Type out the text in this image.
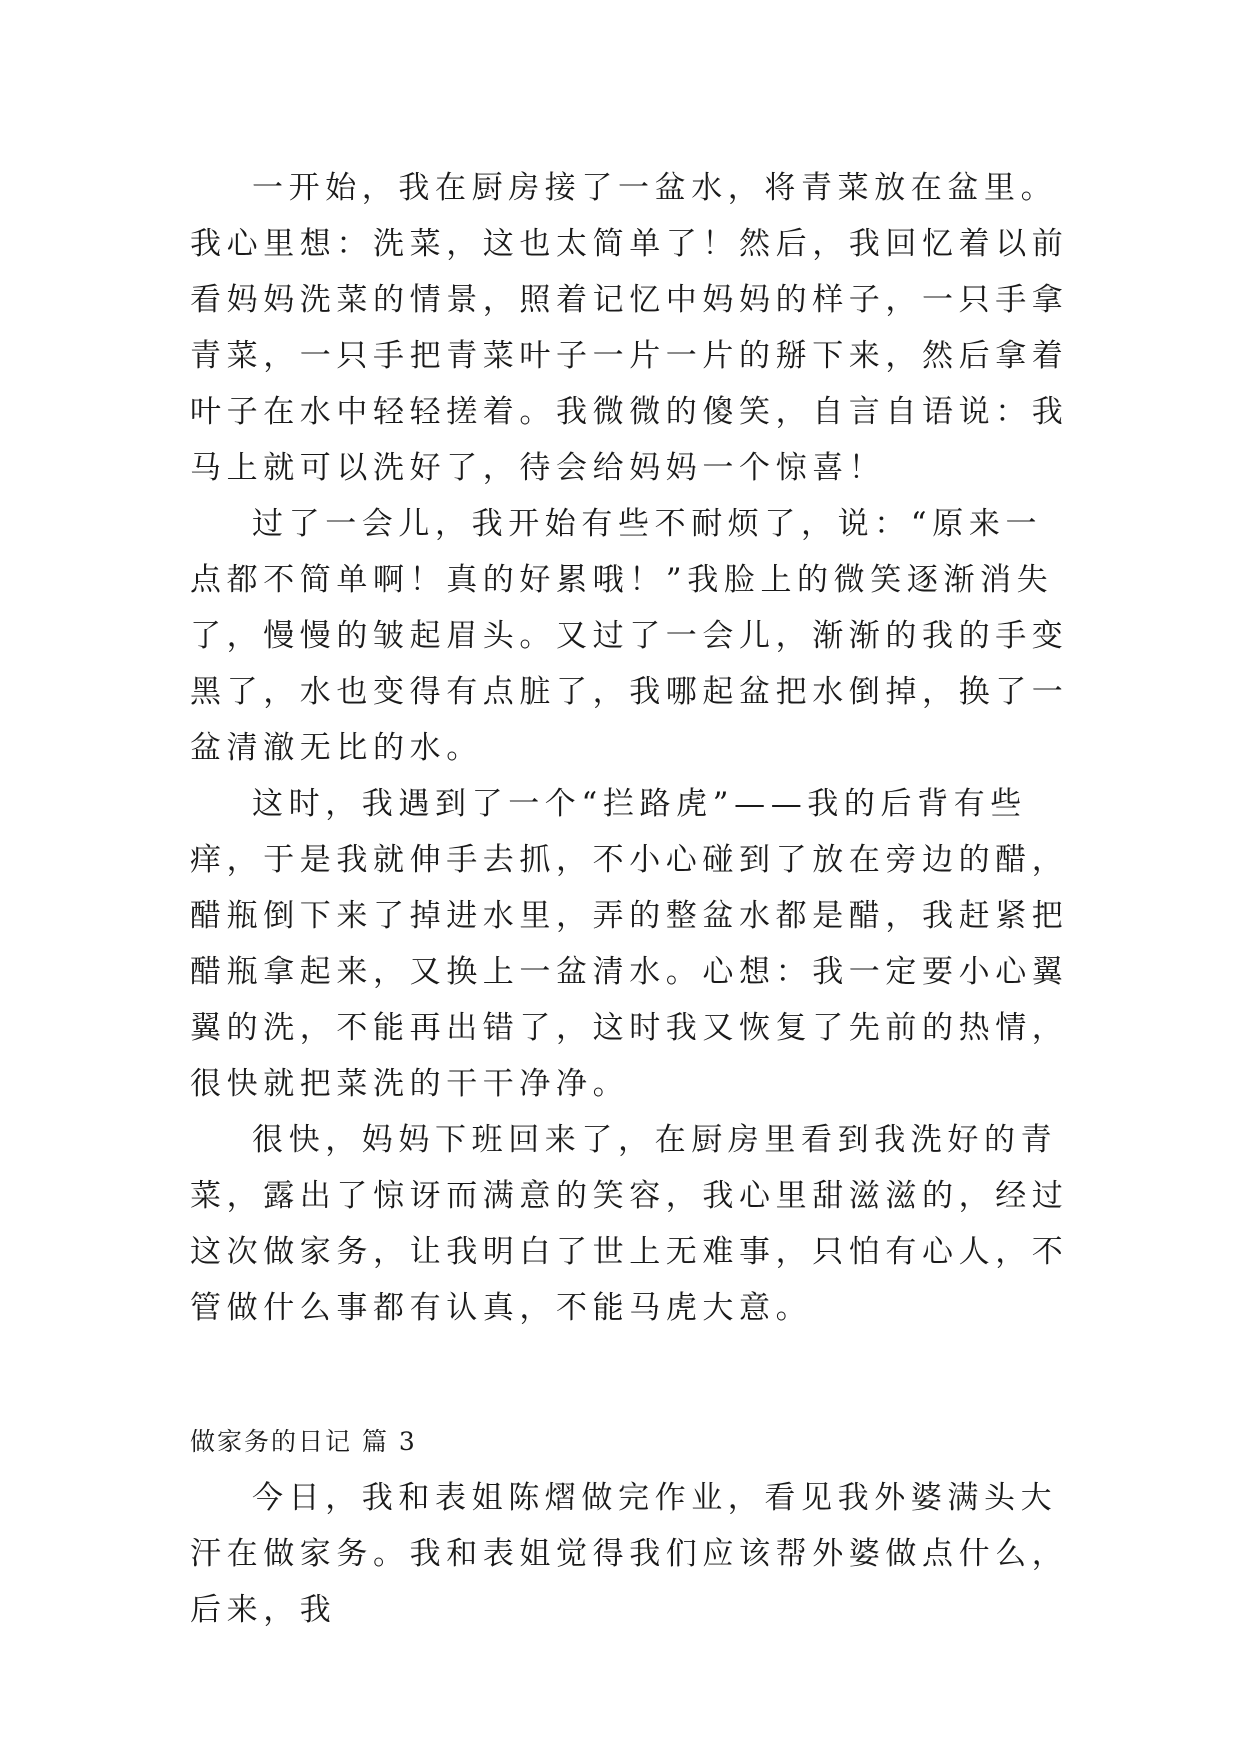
一开始，我在厨房接了一盆水，将青菜放在盆里。我心里想：洗菜，这也太简单了！然后，我回忆着以前看妈妈洗菜的情景，照着记忆中妈妈的样子，一只手拿青菜，一只手把青菜叶子一片一片的掰下来，然后拿着叶子在水中轻轻搓着。我微微的傻笑，自言自语说：我马上就可以洗好了，待会给妈妈一个惊喜！

过了一会儿，我开始有些不耐烦了，说：“原来一点都不简单啊！真的好累哦！”我脸上的微笑逐渐消失了，慢慢的皱起眉头。又过了一会儿，渐渐的我的手变黑了，水也变得有点脏了，我哪起盆把水倒掉，换了一盆清澈无比的水。

这时，我遇到了一个“拦路虎”——我的后背有些痒，于是我就伸手去抓，不小心碰到了放在旁边的醋，醋瓶倒下来了掉进水里，弄的整盆水都是醋，我赶紧把醋瓶拿起来，又换上一盆清水。心想：我一定要小心翼翼的洗，不能再出错了，这时我又恢复了先前的热情，很快就把菜洗的干干净净。

很快，妈妈下班回来了，在厨房里看到我洗好的青菜，露出了惊讶而满意的笑容，我心里甜滋滋的，经过这次做家务，让我明白了世上无难事，只怕有心人，不管做什么事都有认真，不能马虎大意。

做家务的日记 篇 3

今日，我和表姐陈熠做完作业，看见我外婆满头大汗在做家务。我和表姐觉得我们应该帮外婆做点什么，后来，我
